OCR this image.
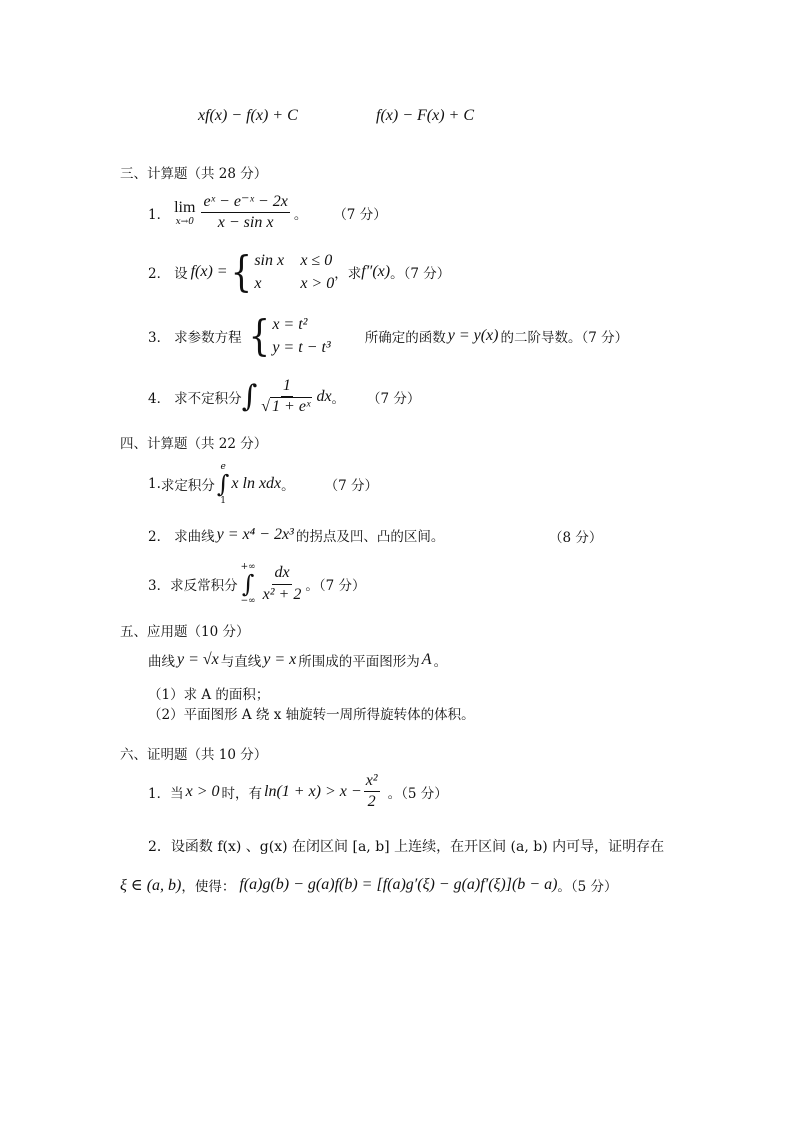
xf(x) − f(x) + C	f(x) − F(x) + C
三、计算题（共 28 分）
1． lim
$x\to 0 \frac{\text{eˣ − e⁻ˣ − 2x}}{\text{x − sin x}}$ 。 （7 分）
2． 设 f(x) = { sin x x ≤ 0
x x > 0
，求 f″(x) 。（7 分）
3． 求参数方程 { x = t²
y = t − t³
所确定的函数 y = y(x) 的二阶导数。（7 分）
4． 求不定积分 ∫ $\frac{1}{\text{√ 1 + eˣ}}$ dx 。 （7 分）
四、计算题（共 22 分）
1. 求定积分
e
∫
1
x ln xdx 。 （7 分）
2． 求曲线 y = x⁴ − 2x³ 的拐点及凹、凸的区间。	（8 分）
3． 求反常积分
+∞
∫
−∞ $\frac{dx}{\text{x² + 2}}$ 。（7 分）
五、应用题（10 分）
曲线 y = √x 与直线 y = x 所围成的平面图形为 A 。
（1）求 A 的面积；
（2）平面图形 A 绕 x 轴旋转一周所得旋转体的体积。
六、证明题（共 10 分）
1． 当 x > 0 时，有 $\ln(1 + x) > x - \frac{\text{x²}}{2}$ 。（5 分）
2．设函数 f(x) 、g(x) 在闭区间 [a, b] 上连续，在开区间 (a, b) 内可导，证明存在
ξ ∈ (a, b) ，使得： f(a)g(b) − g(a)f(b) = [f(a)g′(ξ) − g(a)f′(ξ)](b − a) 。（5 分）
